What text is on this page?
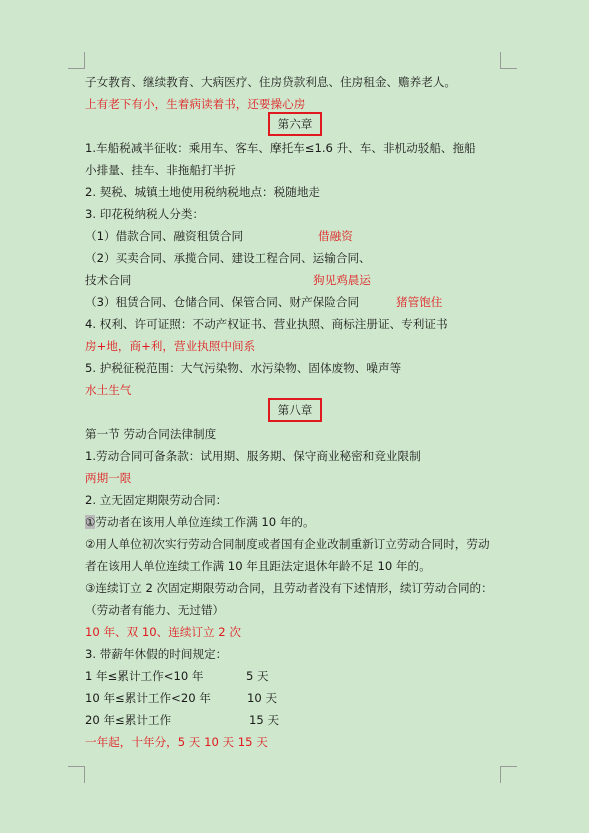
子女教育、继续教育、大病医疗、住房贷款利息、住房租金、赡养老人。
上有老下有小，生着病读着书，还要操心房
第六章
1.车船税减半征收：乘用车、客车、摩托车≤1.6 升、车、非机动驳船、拖船
小排量、挂车、非拖船打半折
2. 契税、城镇土地使用税纳税地点：税随地走
3. 印花税纳税人分类：
（1）借款合同、融资租赁合同	借融资
（2）买卖合同、承揽合同、建设工程合同、运输合同、
技术合同	狗见鸡晨运
（3）租赁合同、仓储合同、保管合同、财产保险合同	猪管饱住
4. 权利、许可证照：不动产权证书、营业执照、商标注册证、专利证书
房+地，商+利，营业执照中间系
5. 护税征税范围：大气污染物、水污染物、固体废物、噪声等
水土生气
第八章
第一节 劳动合同法律制度
1.劳动合同可备条款：试用期、服务期、保守商业秘密和竞业限制
两期一限
2. 立无固定期限劳动合同：
①劳动者在该用人单位连续工作满 10 年的。
②用人单位初次实行劳动合同制度或者国有企业改制重新订立劳动合同时，劳动
者在该用人单位连续工作满 10 年且距法定退休年龄不足 10 年的。
③连续订立 2 次固定期限劳动合同，且劳动者没有下述情形，续订劳动合同的：
（劳动者有能力、无过错）
10 年、双 10、连续订立 2 次
3. 带薪年休假的时间规定：
1 年≤累计工作<10 年	5 天
10 年≤累计工作<20 年	10 天
20 年≤累计工作	15 天
一年起，十年分，5 天 10 天 15 天
